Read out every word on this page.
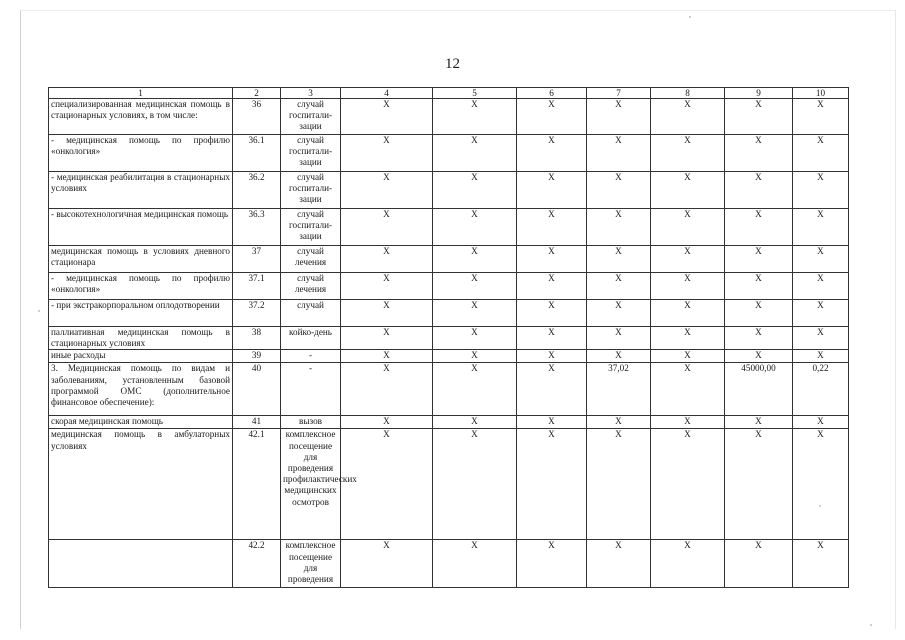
12
1	2	3	4	5	6	7	8	9	10
специализированная медицинская помощь в стационарных условиях, в том числе:	36	случай госпитали-зации	X	X	X	X	X	X	X
- медицинская помощь по профилю «онкология»	36.1	случай госпитали-зации	X	X	X	X	X	X	X
- медицинская реабилитация в стационарных условиях	36.2	случай госпитали-зации	X	X	X	X	X	X	X
- высокотехнологичная медицинская помощь	36.3	случай госпитали-зации	X	X	X	X	X	X	X
медицинская помощь в условиях дневного стационара	37	случай лечения	X	X	X	X	X	X	X
- медицинская помощь по профилю «онкология»	37.1	случай лечения	X	X	X	X	X	X	X
- при экстракорпоральном оплодотворении	37.2	случай	X	X	X	X	X	X	X
паллиативная медицинская помощь в стационарных условиях	38	койко-день	X	X	X	X	X	X	X
иные расходы	39	-	X	X	X	X	X	X	X
3. Медицинская помощь по видам и заболеваниям, установленным базовой программой ОМС (дополнительное финансовое обеспечение):	40	-	X	X	X	37,02	X	45000,00	0,22
скорая медицинская помощь	41	вызов	X	X	X	X	X	X	X
медицинская помощь в амбулаторных условиях	42.1	комплексное посещение для проведения профилактических медицинских осмотров	X	X	X	X	X	X	X
	42.2	комплексное посещение для проведения	X	X	X	X	X	X	X
